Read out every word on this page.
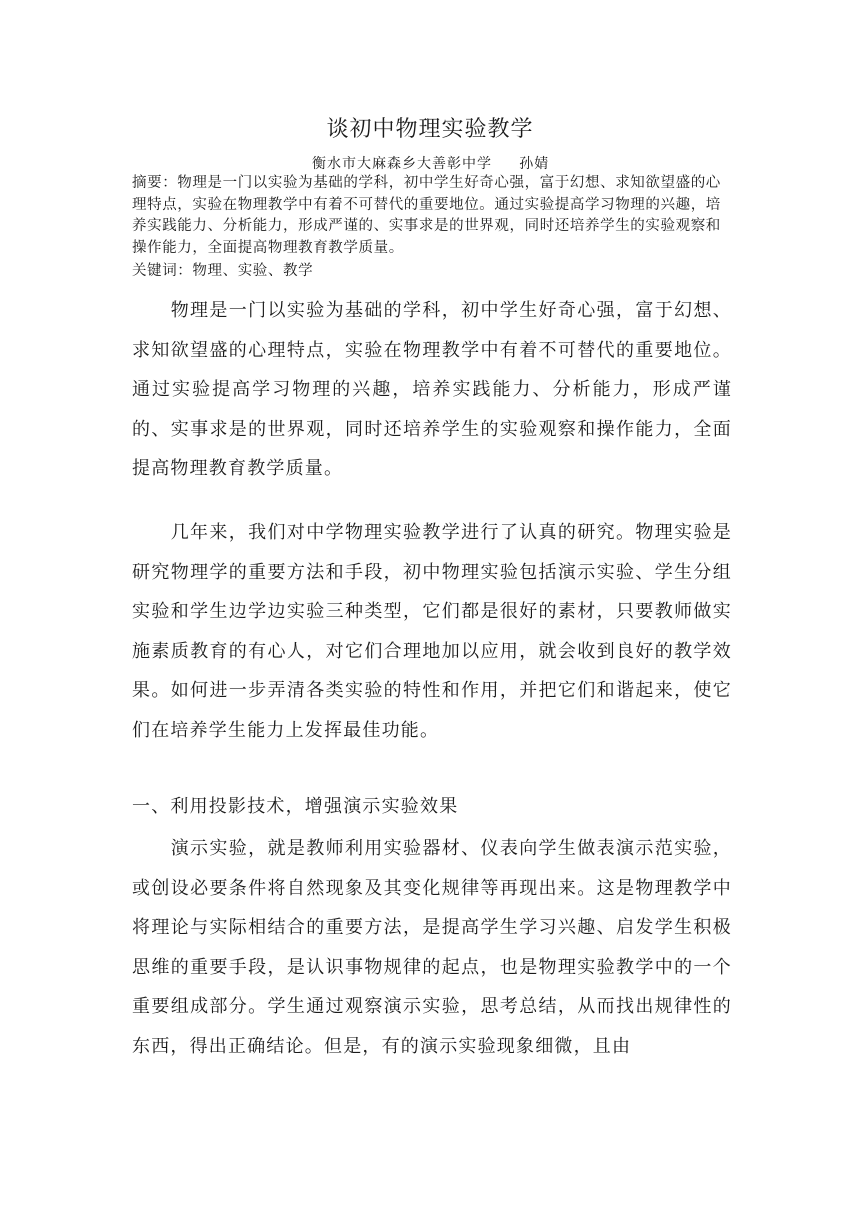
谈初中物理实验教学
衡水市大麻森乡大善彰中学     孙婧

摘要：物理是一门以实验为基础的学科，初中学生好奇心强，富于幻想、求知欲望盛的心理特点，实验在物理教学中有着不可替代的重要地位。通过实验提高学习物理的兴趣，培养实践能力、分析能力，形成严谨的、实事求是的世界观，同时还培养学生的实验观察和操作能力，全面提高物理教育教学质量。

关键词：物理、实验、教学

物理是一门以实验为基础的学科，初中学生好奇心强，富于幻想、求知欲望盛的心理特点，实验在物理教学中有着不可替代的重要地位。通过实验提高学习物理的兴趣，培养实践能力、分析能力，形成严谨的、实事求是的世界观，同时还培养学生的实验观察和操作能力，全面提高物理教育教学质量。

几年来，我们对中学物理实验教学进行了认真的研究。物理实验是研究物理学的重要方法和手段，初中物理实验包括演示实验、学生分组实验和学生边学边实验三种类型，它们都是很好的素材，只要教师做实施素质教育的有心人，对它们合理地加以应用，就会收到良好的教学效果。如何进一步弄清各类实验的特性和作用，并把它们和谐起来，使它们在培养学生能力上发挥最佳功能。

一、利用投影技术，增强演示实验效果

演示实验，就是教师利用实验器材、仪表向学生做表演示范实验，或创设必要条件将自然现象及其变化规律等再现出来。这是物理教学中将理论与实际相结合的重要方法，是提高学生学习兴趣、启发学生积极思维的重要手段，是认识事物规律的起点，也是物理实验教学中的一个重要组成部分。学生通过观察演示实验，思考总结，从而找出规律性的东西，得出正确结论。但是，有的演示实验现象细微，且由
